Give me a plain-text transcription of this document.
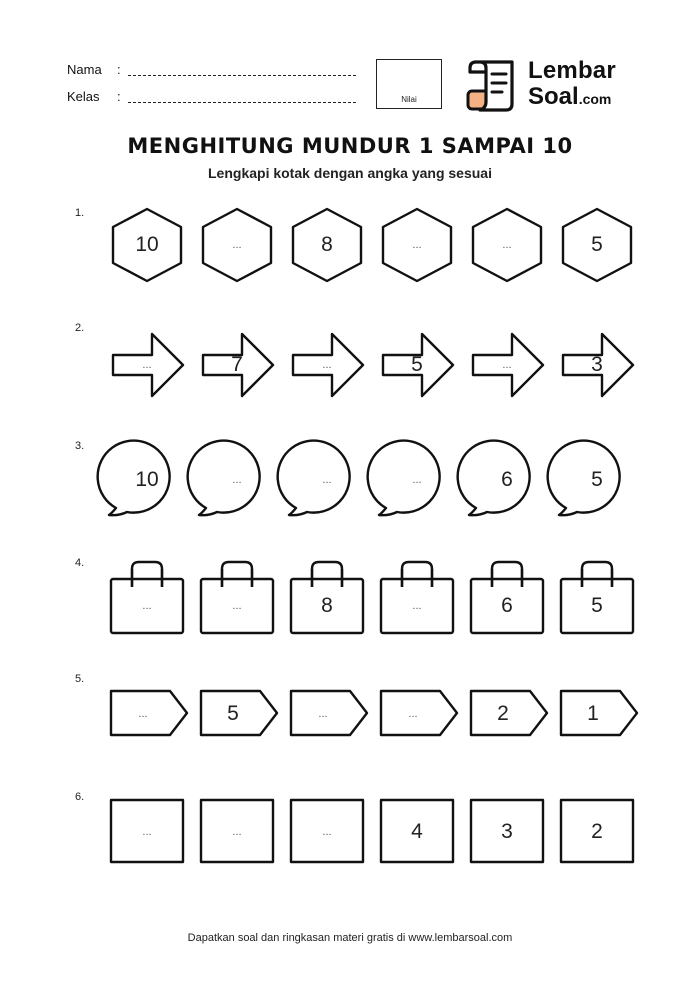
Nama :
Kelas :	Nilai
Lembar
Soal.com
MENGHITUNG MUNDUR 1 SAMPAI 10
Lengkapi kotak dengan angka yang sesuai
1.
10	...	8	...	...	5
2.
...	7	...	5	...	3
3.
10	...	...	...	6	5
4.
...	...	8	...	6	5
5.
...	5	...	...	2	1
6.
...	...	...	4	3	2
Dapatkan soal dan ringkasan materi gratis di www.lembarsoal.com
